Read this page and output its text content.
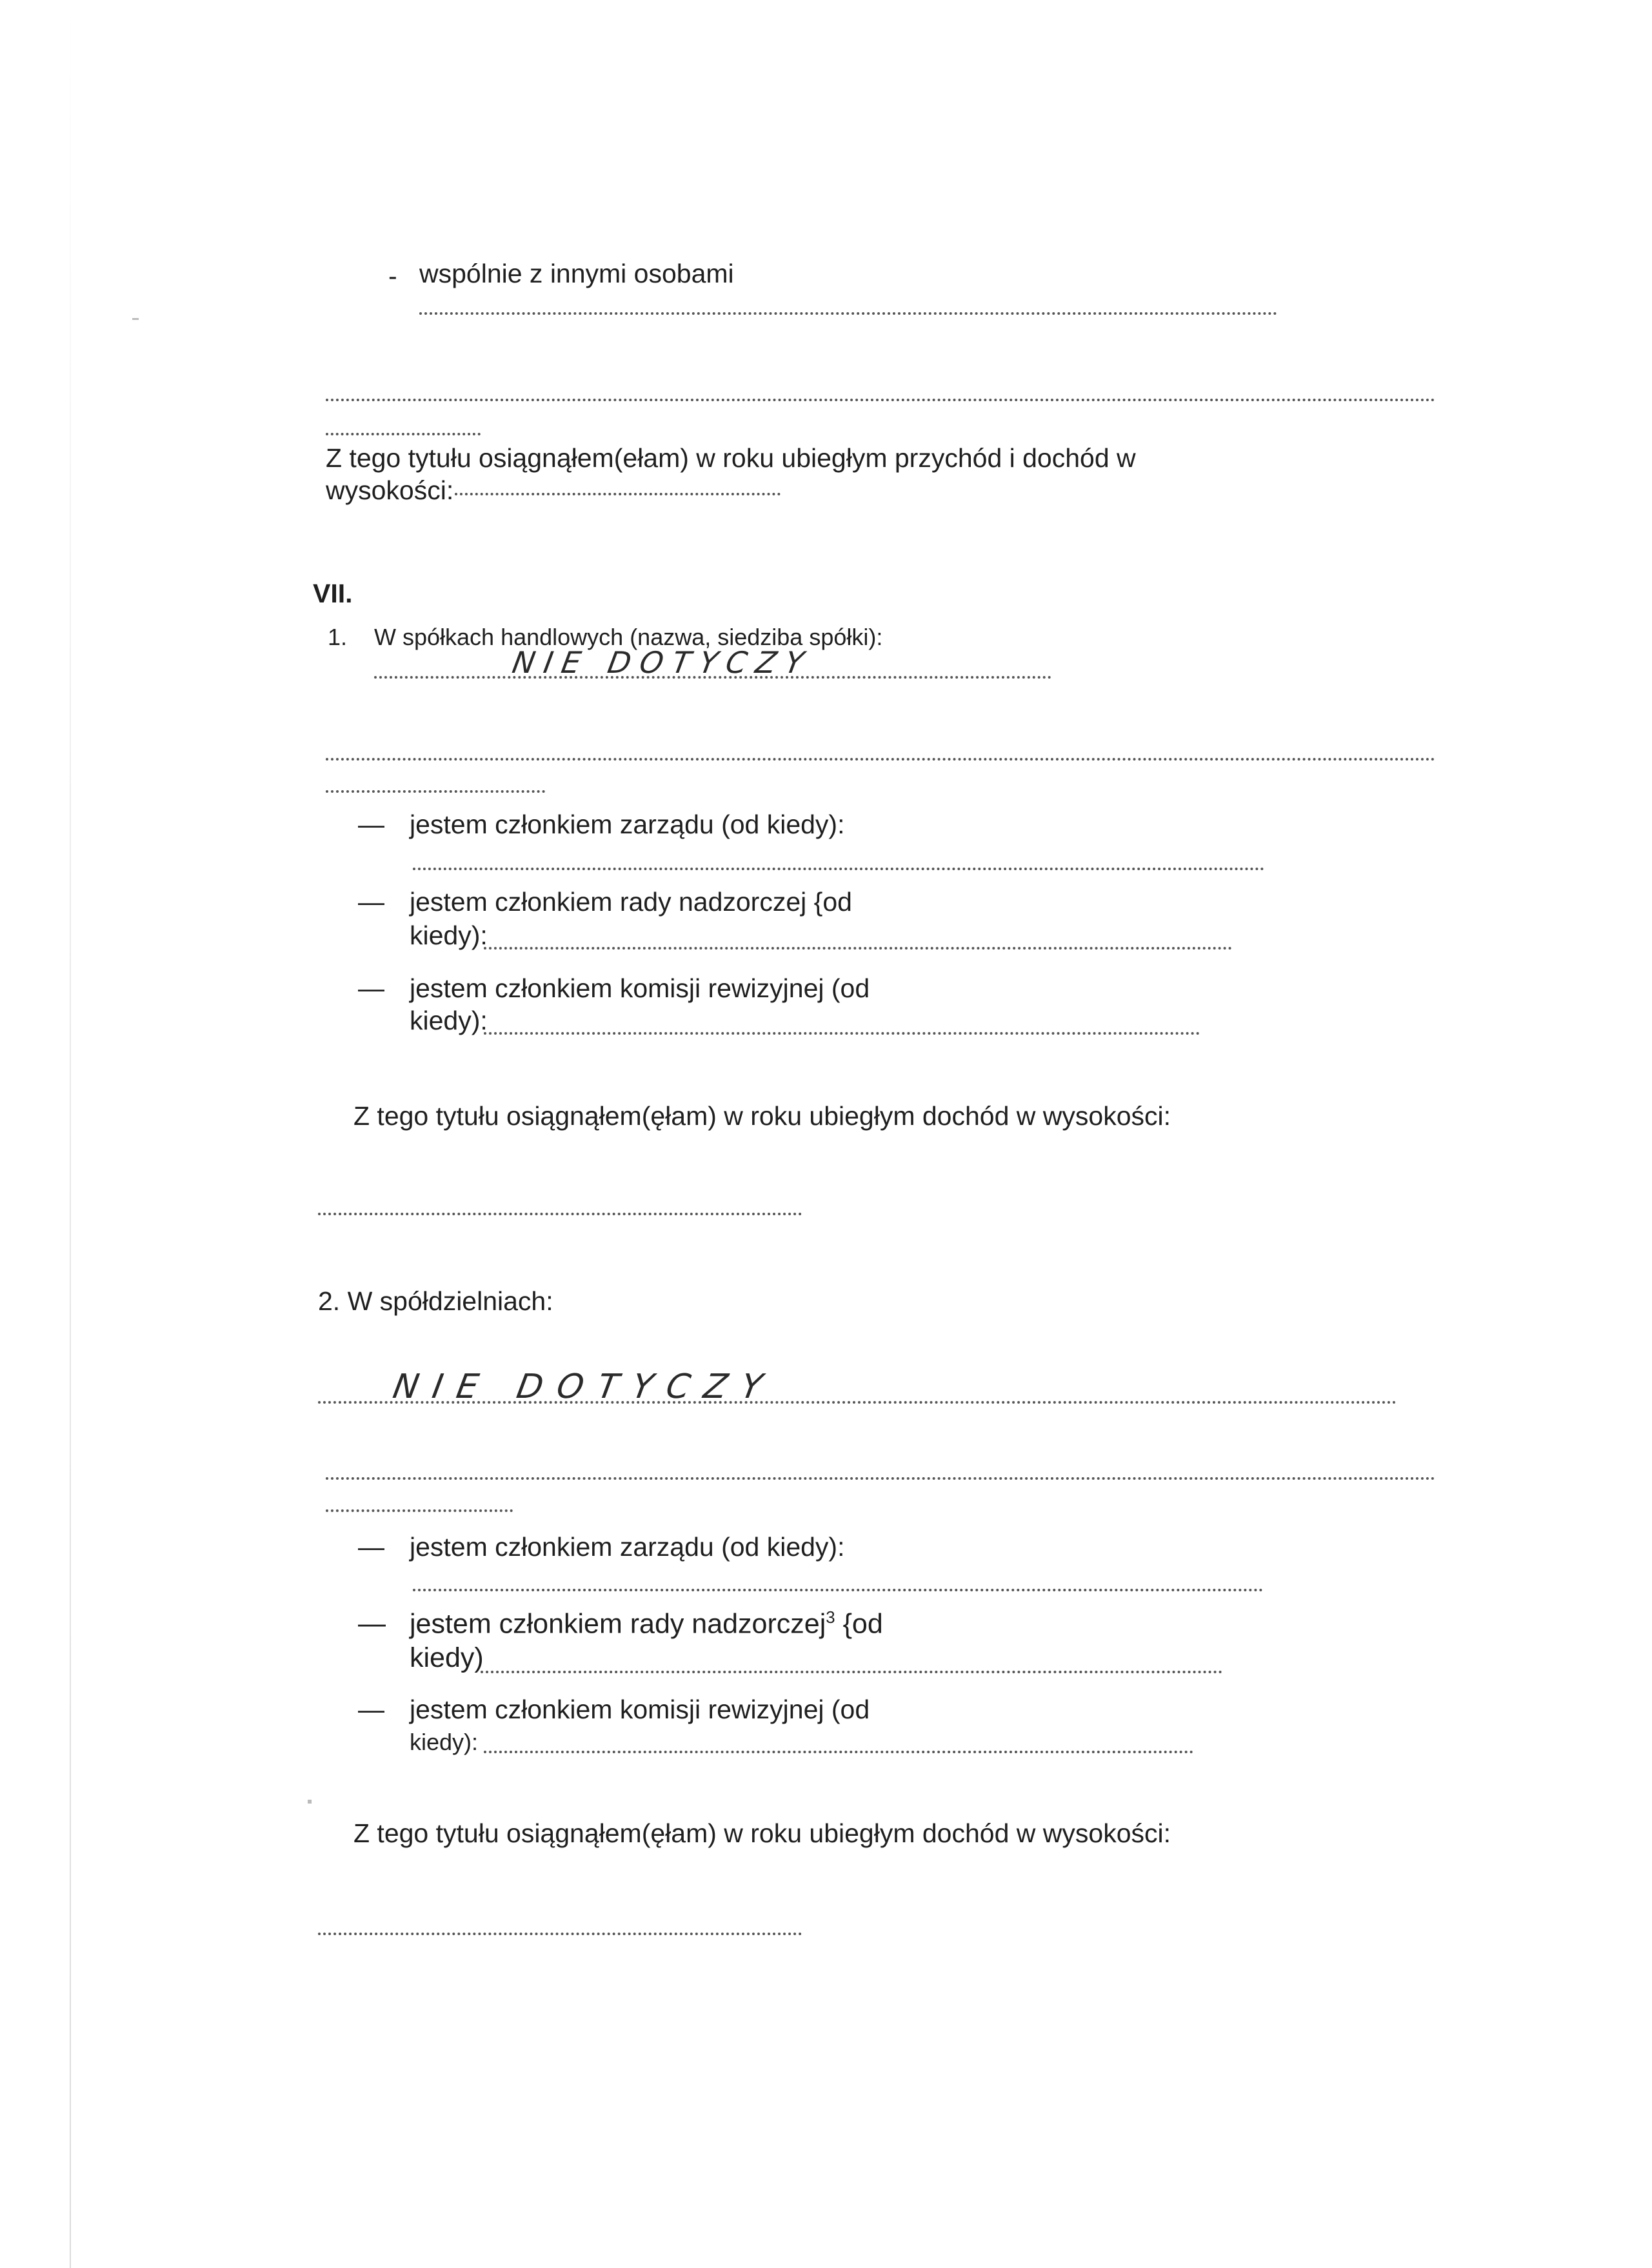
- wspólnie z innymi osobami
Z tego tytułu osiągnąłem(ełam) w roku ubiegłym przychód i dochód w
wysokości:
VII.
1. W spółkach handlowych (nazwa, siedziba spółki):
NIE DOTYCZY
— jestem członkiem zarządu (od kiedy):
— jestem członkiem rady nadzorczej {od
kiedy):
— jestem członkiem komisji rewizyjnej (od
kiedy):
Z tego tytułu osiągnąłem(ęłam) w roku ubiegłym dochód w wysokości:
2. W spółdzielniach:
NIE DOTYCZY
— jestem członkiem zarządu (od kiedy):
— jestem członkiem rady nadzorczej$^3$ {od
kiedy)
— jestem członkiem komisji rewizyjnej (od
kiedy):
Z tego tytułu osiągnąłem(ęłam) w roku ubiegłym dochód w wysokości:
